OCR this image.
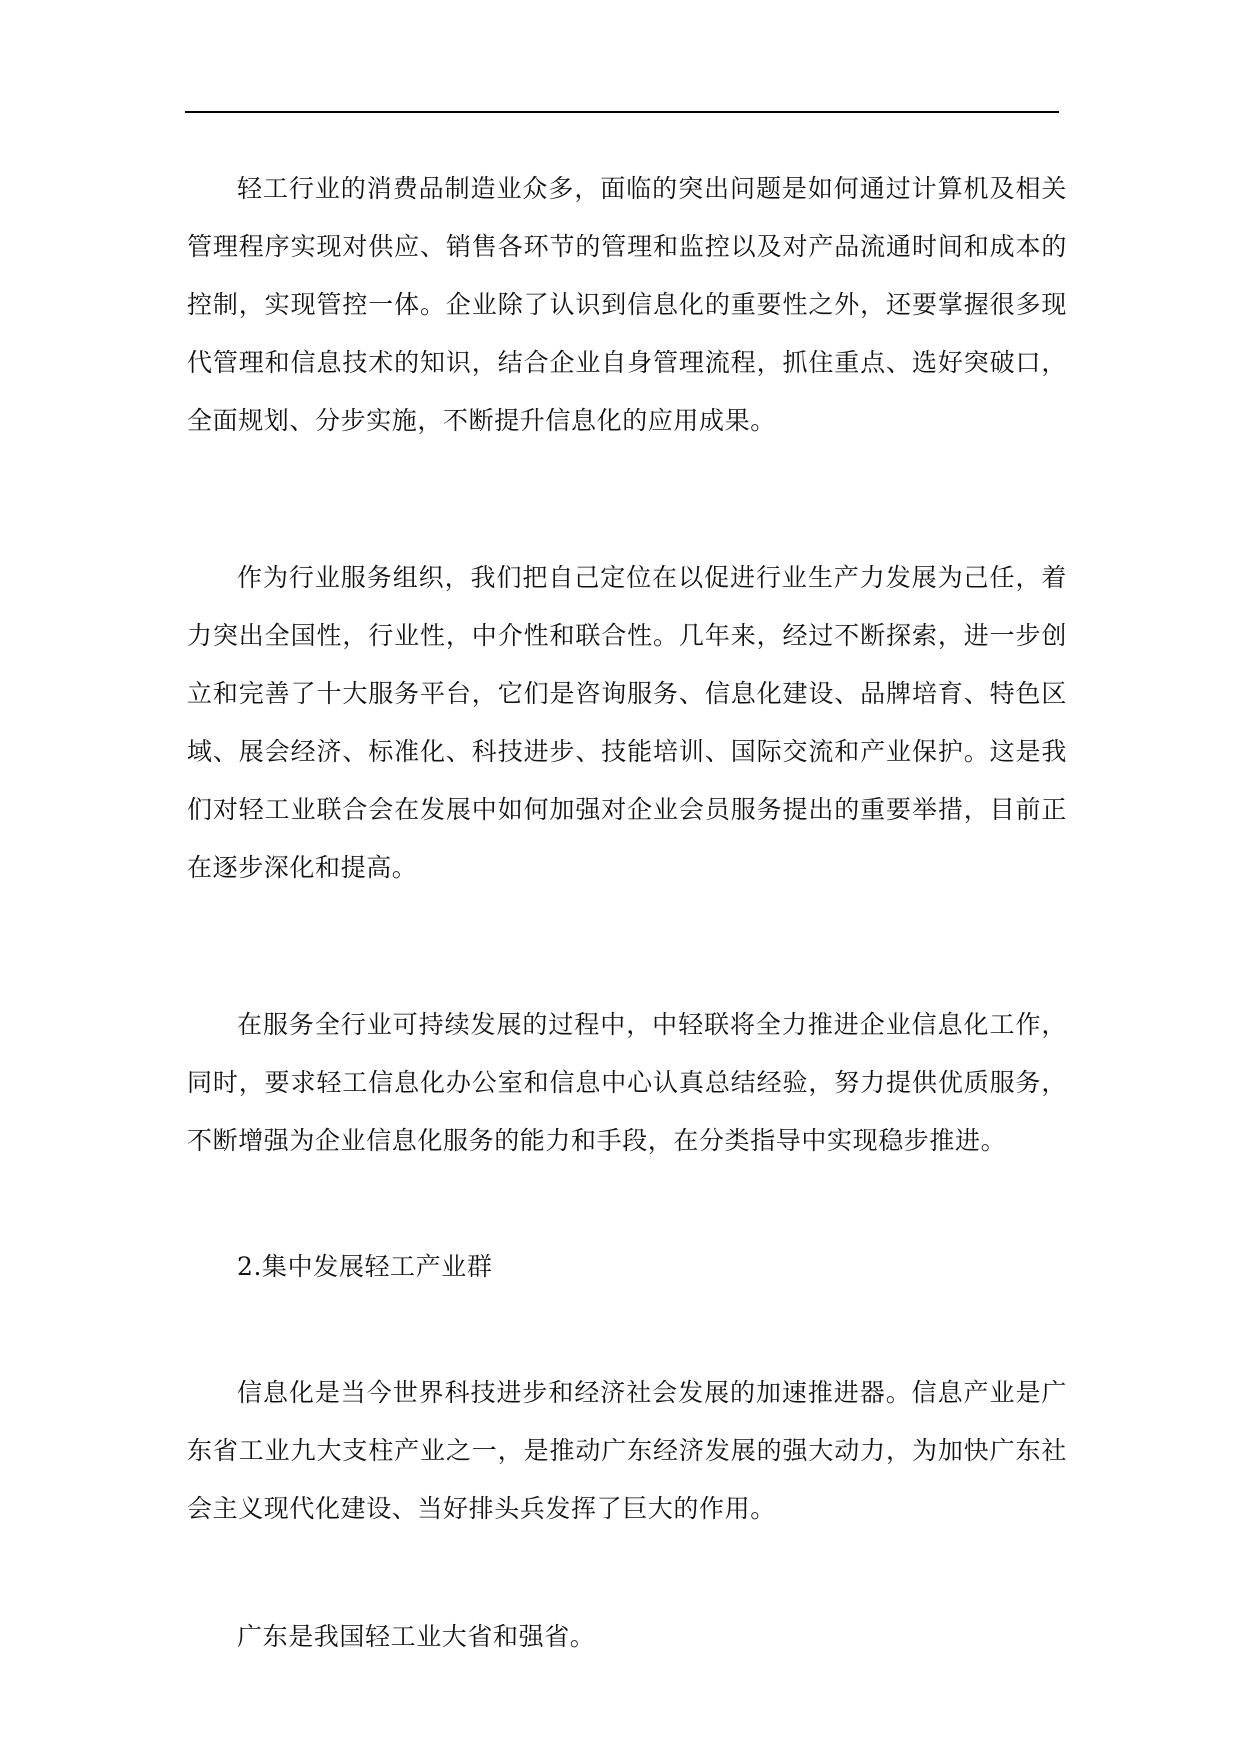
轻工行业的消费品制造业众多，面临的突出问题是如何通过计算机及相关管理程序实现对供应、销售各环节的管理和监控以及对产品流通时间和成本的控制，实现管控一体。企业除了认识到信息化的重要性之外，还要掌握很多现代管理和信息技术的知识，结合企业自身管理流程，抓住重点、选好突破口，全面规划、分步实施，不断提升信息化的应用成果。

作为行业服务组织，我们把自己定位在以促进行业生产力发展为己任，着力突出全国性，行业性，中介性和联合性。几年来，经过不断探索，进一步创立和完善了十大服务平台，它们是咨询服务、信息化建设、品牌培育、特色区域、展会经济、标准化、科技进步、技能培训、国际交流和产业保护。这是我们对轻工业联合会在发展中如何加强对企业会员服务提出的重要举措，目前正在逐步深化和提高。

在服务全行业可持续发展的过程中，中轻联将全力推进企业信息化工作，同时，要求轻工信息化办公室和信息中心认真总结经验，努力提供优质服务，不断增强为企业信息化服务的能力和手段，在分类指导中实现稳步推进。

2.集中发展轻工产业群

信息化是当今世界科技进步和经济社会发展的加速推进器。信息产业是广东省工业九大支柱产业之一，是推动广东经济发展的强大动力，为加快广东社会主义现代化建设、当好排头兵发挥了巨大的作用。

广东是我国轻工业大省和强省。
